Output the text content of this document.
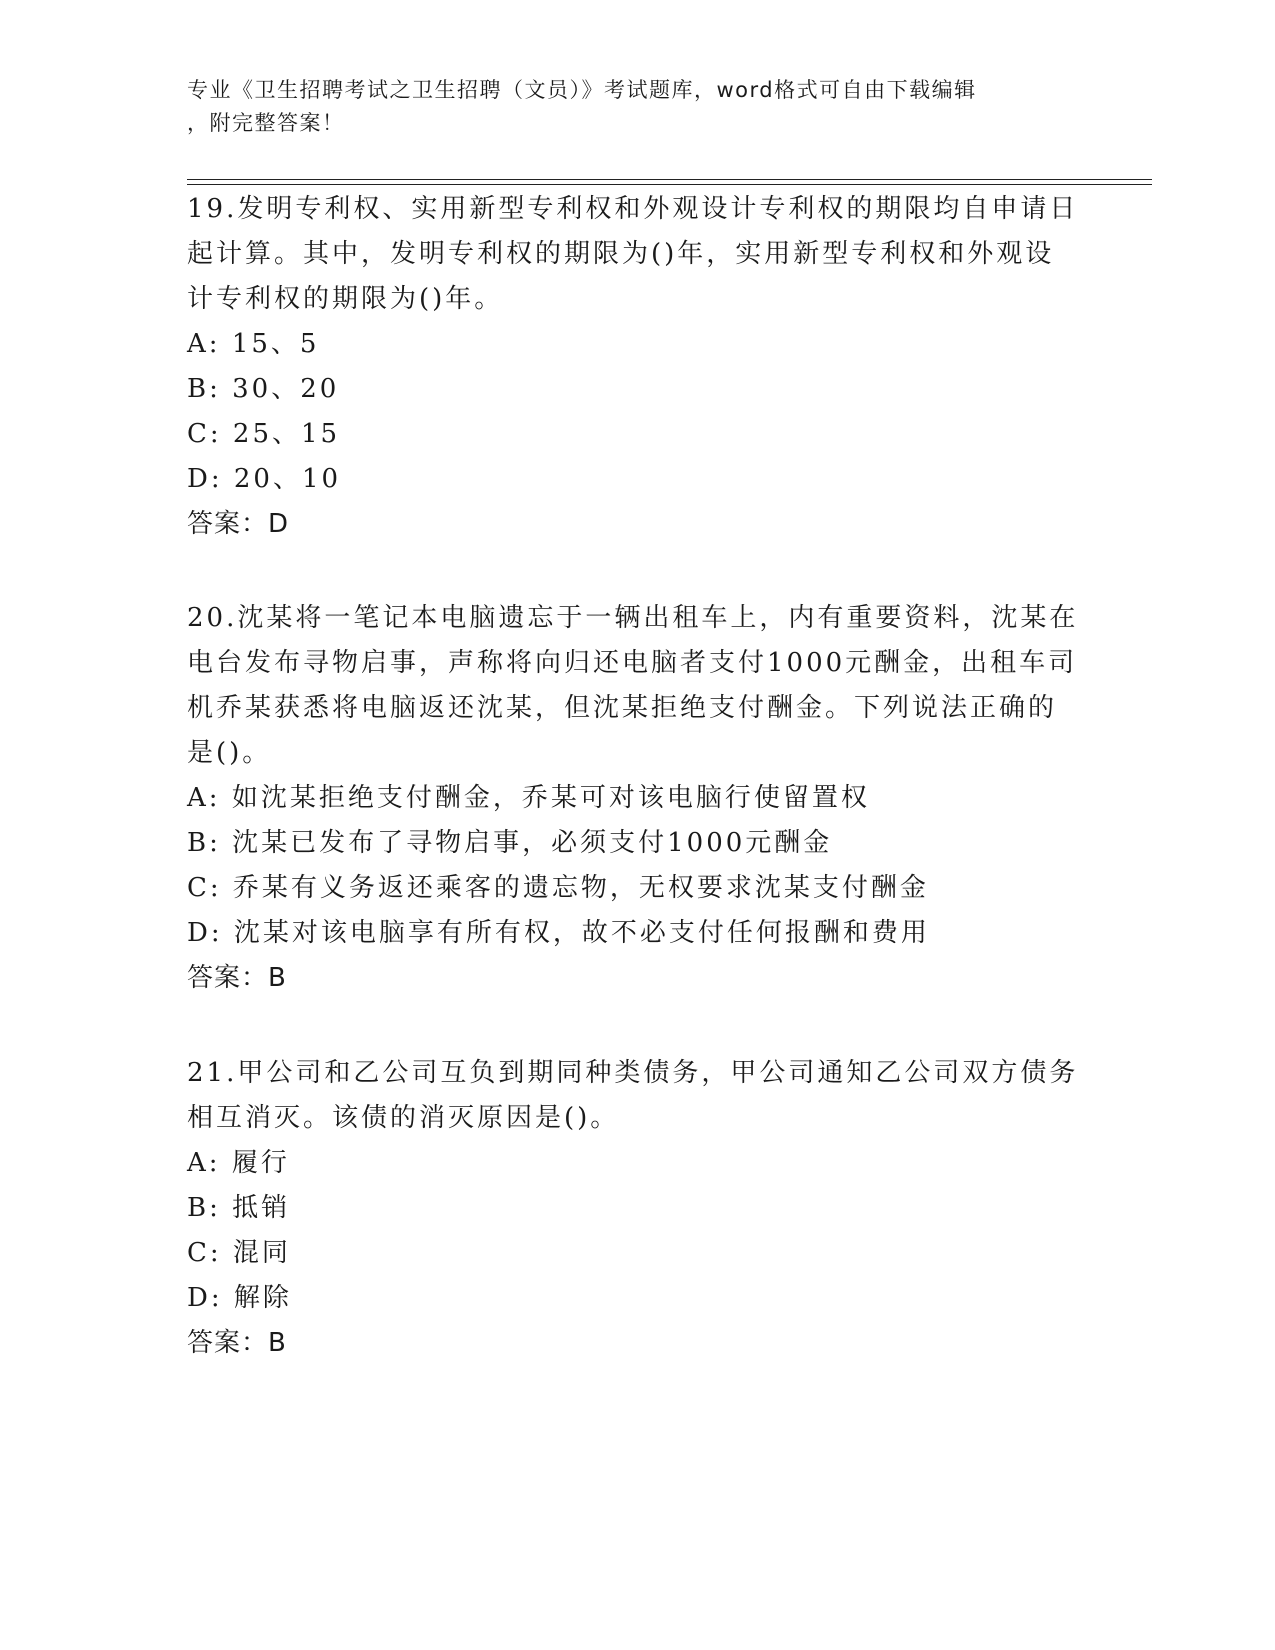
专业《卫生招聘考试之卫生招聘（文员）》考试题库，word格式可自由下载编辑
，附完整答案！

19.发明专利权、实用新型专利权和外观设计专利权的期限均自申请日

起计算。其中，发明专利权的期限为()年，实用新型专利权和外观设

计专利权的期限为()年。

A: 15、5

B: 30、20

C: 25、15

D: 20、10

答案：D

20.沈某将一笔记本电脑遗忘于一辆出租车上，内有重要资料，沈某在

电台发布寻物启事，声称将向归还电脑者支付1000元酬金，出租车司

机乔某获悉将电脑返还沈某，但沈某拒绝支付酬金。下列说法正确的

是()。

A: 如沈某拒绝支付酬金，乔某可对该电脑行使留置权

B: 沈某已发布了寻物启事，必须支付1000元酬金

C: 乔某有义务返还乘客的遗忘物，无权要求沈某支付酬金

D: 沈某对该电脑享有所有权，故不必支付任何报酬和费用

答案：B

21.甲公司和乙公司互负到期同种类债务，甲公司通知乙公司双方债务

相互消灭。该债的消灭原因是()。

A: 履行

B: 抵销

C: 混同

D: 解除

答案：B
